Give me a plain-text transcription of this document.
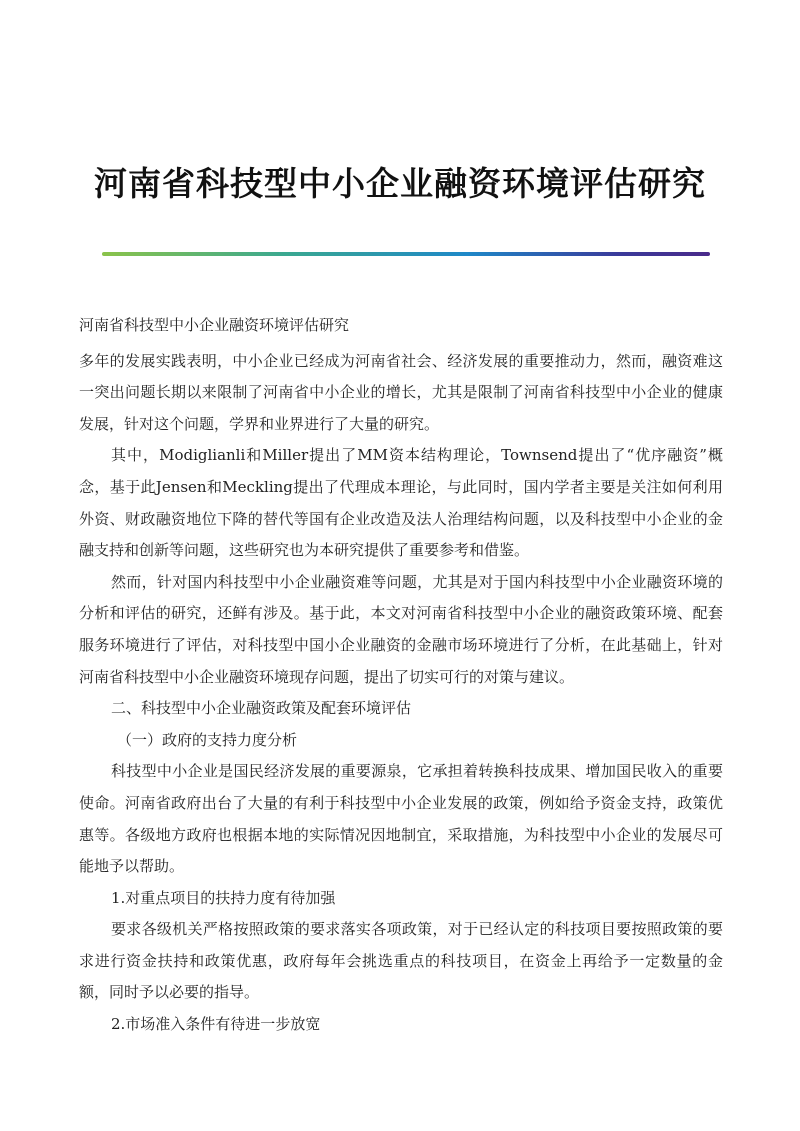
河南省科技型中小企业融资环境评估研究

河南省科技型中小企业融资环境评估研究

多年的发展实践表明，中小企业已经成为河南省社会、经济发展的重要推动力，然而，融资难这一突出问题长期以来限制了河南省中小企业的增长，尤其是限制了河南省科技型中小企业的健康发展，针对这个问题，学界和业界进行了大量的研究。

其中，Modiglianli和Miller提出了MM资本结构理论，Townsend提出了“优序融资”概念，基于此Jensen和Meckling提出了代理成本理论，与此同时，国内学者主要是关注如何利用外资、财政融资地位下降的替代等国有企业改造及法人治理结构问题，以及科技型中小企业的金融支持和创新等问题，这些研究也为本研究提供了重要参考和借鉴。

然而，针对国内科技型中小企业融资难等问题，尤其是对于国内科技型中小企业融资环境的分析和评估的研究，还鲜有涉及。基于此，本文对河南省科技型中小企业的融资政策环境、配套服务环境进行了评估，对科技型中国小企业融资的金融市场环境进行了分析，在此基础上，针对河南省科技型中小企业融资环境现存问题，提出了切实可行的对策与建议。

二、科技型中小企业融资政策及配套环境评估

（一）政府的支持力度分析

科技型中小企业是国民经济发展的重要源泉，它承担着转换科技成果、增加国民收入的重要使命。河南省政府出台了大量的有利于科技型中小企业发展的政策，例如给予资金支持，政策优惠等。各级地方政府也根据本地的实际情况因地制宜，采取措施，为科技型中小企业的发展尽可能地予以帮助。

1.对重点项目的扶持力度有待加强

要求各级机关严格按照政策的要求落实各项政策，对于已经认定的科技项目要按照政策的要求进行资金扶持和政策优惠，政府每年会挑选重点的科技项目，在资金上再给予一定数量的金额，同时予以必要的指导。

2.市场准入条件有待进一步放宽
